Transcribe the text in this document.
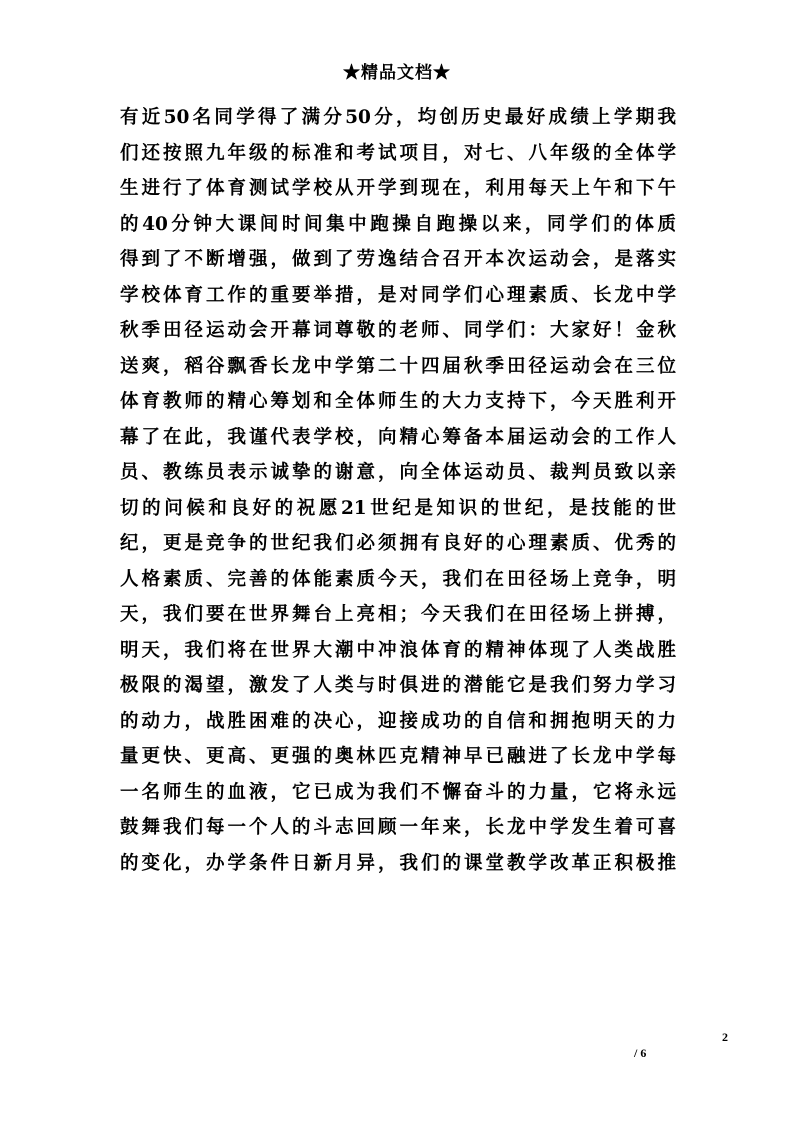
★精品文档★
有近50名同学得了满分50分，均创历史最好成绩上学期我
们还按照九年级的标准和考试项目，对七、八年级的全体学
生进行了体育测试学校从开学到现在，利用每天上午和下午
的40分钟大课间时间集中跑操自跑操以来，同学们的体质
得到了不断增强，做到了劳逸结合召开本次运动会，是落实
学校体育工作的重要举措，是对同学们心理素质、长龙中学
秋季田径运动会开幕词尊敬的老师、同学们：大家好！金秋
送爽，稻谷飘香长龙中学第二十四届秋季田径运动会在三位
体育教师的精心筹划和全体师生的大力支持下，今天胜利开
幕了在此，我谨代表学校，向精心筹备本届运动会的工作人
员、教练员表示诚挚的谢意，向全体运动员、裁判员致以亲
切的问候和良好的祝愿21世纪是知识的世纪，是技能的世
纪，更是竞争的世纪我们必须拥有良好的心理素质、优秀的
人格素质、完善的体能素质今天，我们在田径场上竞争，明
天，我们要在世界舞台上亮相；今天我们在田径场上拼搏，
明天，我们将在世界大潮中冲浪体育的精神体现了人类战胜
极限的渴望，激发了人类与时俱进的潜能它是我们努力学习
的动力，战胜困难的决心，迎接成功的自信和拥抱明天的力
量更快、更高、更强的奥林匹克精神早已融进了长龙中学每
一名师生的血液，它已成为我们不懈奋斗的力量，它将永远
鼓舞我们每一个人的斗志回顾一年来，长龙中学发生着可喜
的变化，办学条件日新月异，我们的课堂教学改革正积极推
2
/ 6
